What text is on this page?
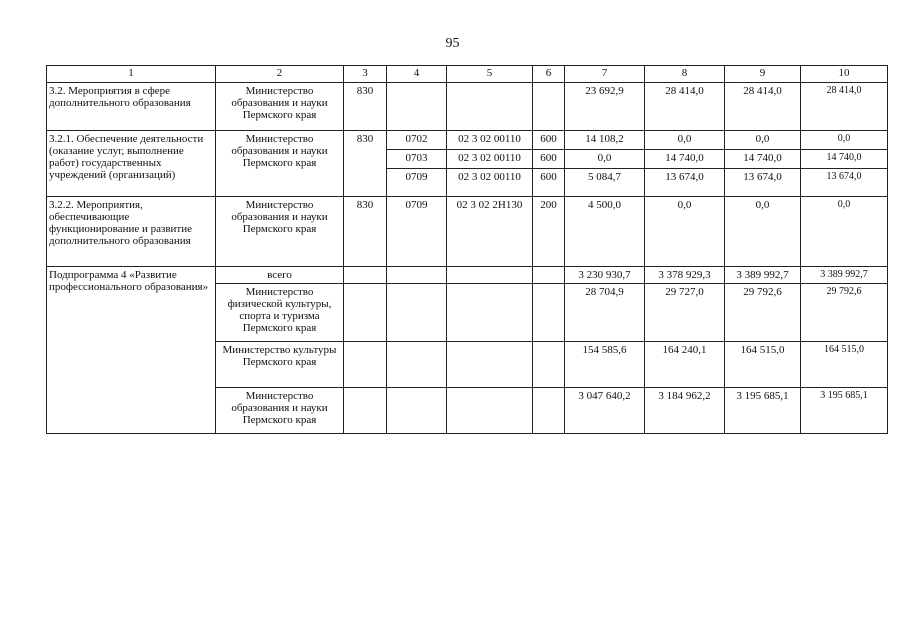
95
1	2	3	4	5	6	7	8	9	10
3.2. Мероприятия в сфере дополнительного образования	Министерство образования и науки Пермского края	830				23 692,9	28 414,0	28 414,0	28 414,0
3.2.1. Обеспечение деятельности (оказание услуг, выполнение работ) государственных учреждений (организаций)	Министерство образования и науки Пермского края	830	0702	02 3 02 00110	600	14 108,2	0,0	0,0	0,0
			0703	02 3 02 00110	600	0,0	14 740,0	14 740,0	14 740,0
			0709	02 3 02 00110	600	5 084,7	13 674,0	13 674,0	13 674,0
3.2.2. Мероприятия, обеспечивающие функционирование и развитие дополнительного образования	Министерство образования и науки Пермского края	830	0709	02 3 02 2Н130	200	4 500,0	0,0	0,0	0,0
Подпрограмма 4 «Развитие профессионального образования»	всего					3 230 930,7	3 378 929,3	3 389 992,7	3 389 992,7
	Министерство физической культуры, спорта и туризма Пермского края					28 704,9	29 727,0	29 792,6	29 792,6
	Министерство культуры Пермского края					154 585,6	164 240,1	164 515,0	164 515,0
	Министерство образования и науки Пермского края					3 047 640,2	3 184 962,2	3 195 685,1	3 195 685,1
